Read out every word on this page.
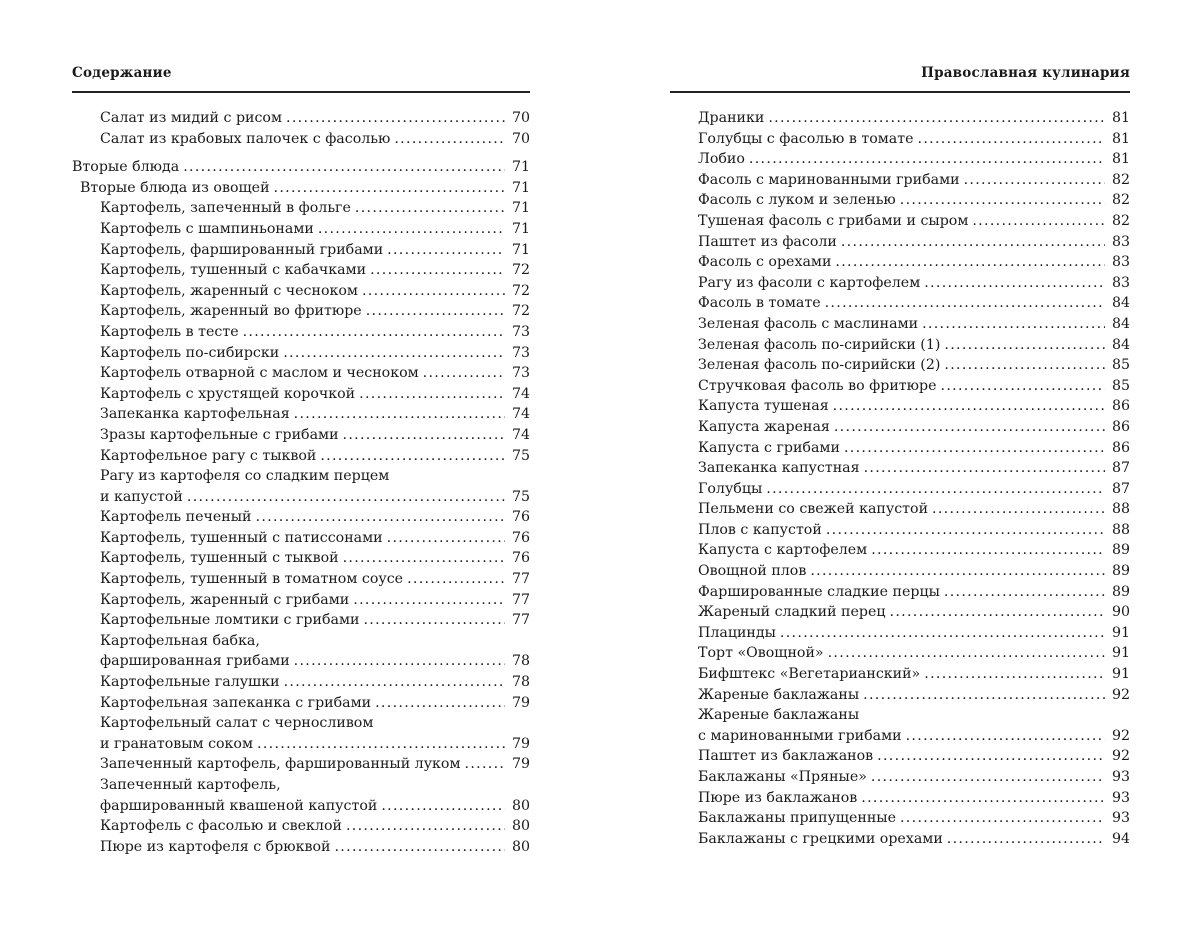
Содержание
Салат из мидий с рисом . . .	70
Салат из крабовых палочек с фасолью . . .	70
Вторые блюда . . .	71
Вторые блюда из овощей . . .	71
Картофель, запеченный в фольге . . .	71
Картофель с шампиньонами . . .	71
Картофель, фаршированный грибами . . .	71
Картофель, тушенный с кабачками . . .	72
Картофель, жаренный с чесноком . . .	72
Картофель, жаренный во фритюре . . .	72
Картофель в тесте . . .	73
Картофель по-сибирски . . .	73
Картофель отварной с маслом и чесноком . . .	73
Картофель с хрустящей корочкой . . .	74
Запеканка картофельная . . .	74
Зразы картофельные с грибами . . .	74
Картофельное рагу с тыквой . . .	75
Рагу из картофеля со сладким перцем
и капустой . . .	75
Картофель печеный . . .	76
Картофель, тушенный с патиссонами . . .	76
Картофель, тушенный с тыквой . . .	76
Картофель, тушенный в томатном соусе . . .	77
Картофель, жаренный с грибами . . .	77
Картофельные ломтики с грибами . . .	77
Картофельная бабка,
фаршированная грибами . . .	78
Картофельные галушки . . .	78
Картофельная запеканка с грибами . . .	79
Картофельный салат с черносливом
и гранатовым соком . . .	79
Запеченный картофель, фаршированный луком . . .	79
Запеченный картофель,
фаршированный квашеной капустой . . .	80
Картофель с фасолью и свеклой . . .	80
Пюре из картофеля с брюквой . . .	80
Православная кулинария
Драники . . .	81
Голубцы с фасолью в томате . . .	81
Лобио . . .	81
Фасоль с маринованными грибами . . .	82
Фасоль с луком и зеленью . . .	82
Тушеная фасоль с грибами и сыром . . .	82
Паштет из фасоли . . .	83
Фасоль с орехами . . .	83
Рагу из фасоли с картофелем . . .	83
Фасоль в томате . . .	84
Зеленая фасоль с маслинами . . .	84
Зеленая фасоль по-сирийски (1) . . .	84
Зеленая фасоль по-сирийски (2) . . .	85
Стручковая фасоль во фритюре . . .	85
Капуста тушеная . . .	86
Капуста жареная . . .	86
Капуста с грибами . . .	86
Запеканка капустная . . .	87
Голубцы . . .	87
Пельмени со свежей капустой . . .	88
Плов с капустой . . .	88
Капуста с картофелем . . .	89
Овощной плов . . .	89
Фаршированные сладкие перцы . . .	89
Жареный сладкий перец . . .	90
Плацинды . . .	91
Торт «Овощной» . . .	91
Бифштекс «Вегетарианский» . . .	91
Жареные баклажаны . . .	92
Жареные баклажаны
с маринованными грибами . . .	92
Паштет из баклажанов . . .	92
Баклажаны «Пряные» . . .	93
Пюре из баклажанов . . .	93
Баклажаны припущенные . . .	93
Баклажаны с грецкими орехами . . .	94
